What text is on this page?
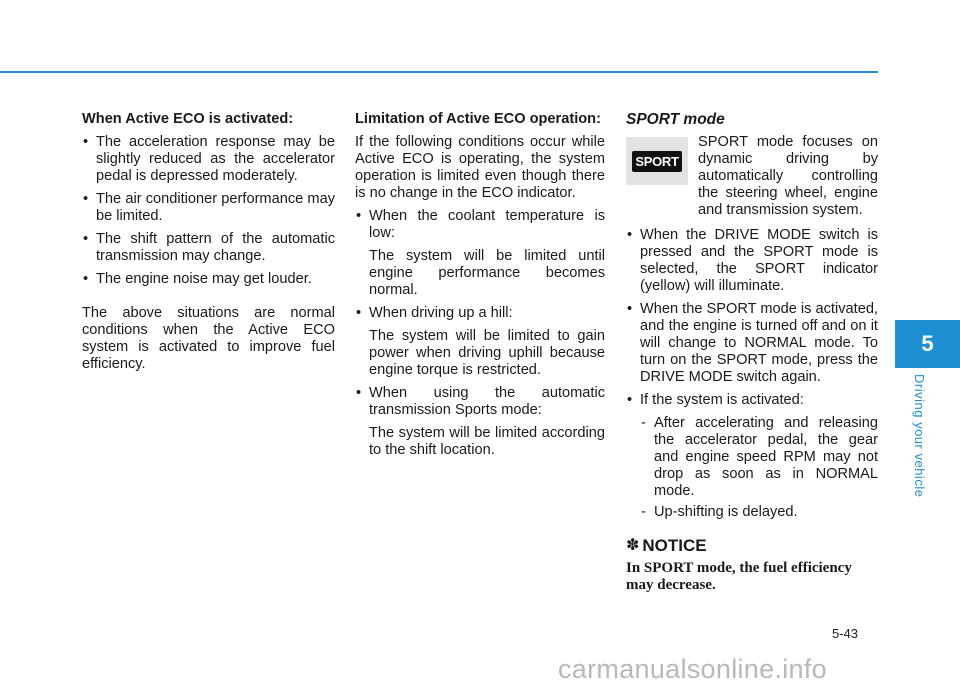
When Active ECO is activated:

• The acceleration response may be slightly reduced as the accelerator pedal is depressed moderately.
• The air conditioner performance may be limited.
• The shift pattern of the automatic transmission may change.
• The engine noise may get louder.

The above situations are normal conditions when the Active ECO system is activated to improve fuel efficiency.

Limitation of Active ECO operation:

If the following conditions occur while Active ECO is operating, the system operation is limited even though there is no change in the ECO indicator.

• When the coolant temperature is low:
The system will be limited until engine performance becomes normal.
• When driving up a hill:
The system will be limited to gain power when driving uphill because engine torque is restricted.
• When using the automatic transmission Sports mode:
The system will be limited according to the shift location.

SPORT mode

SPORT

SPORT mode focuses on dynamic driving by automatically controlling the steering wheel, engine and transmission system.

• When the DRIVE MODE switch is pressed and the SPORT mode is selected, the SPORT indicator (yellow) will illuminate.
• When the SPORT mode is activated, and the engine is turned off and on it will change to NORMAL mode. To turn on the SPORT mode, press the DRIVE MODE switch again.
• If the system is activated:
- After accelerating and releasing the accelerator pedal, the gear and engine speed RPM may not drop as soon as in NORMAL mode.
- Up-shifting is delayed.
✽ NOTICE

In SPORT mode, the fuel efficiency may decrease.

5
Driving your vehicle
5-43
carmanualsonline.info
